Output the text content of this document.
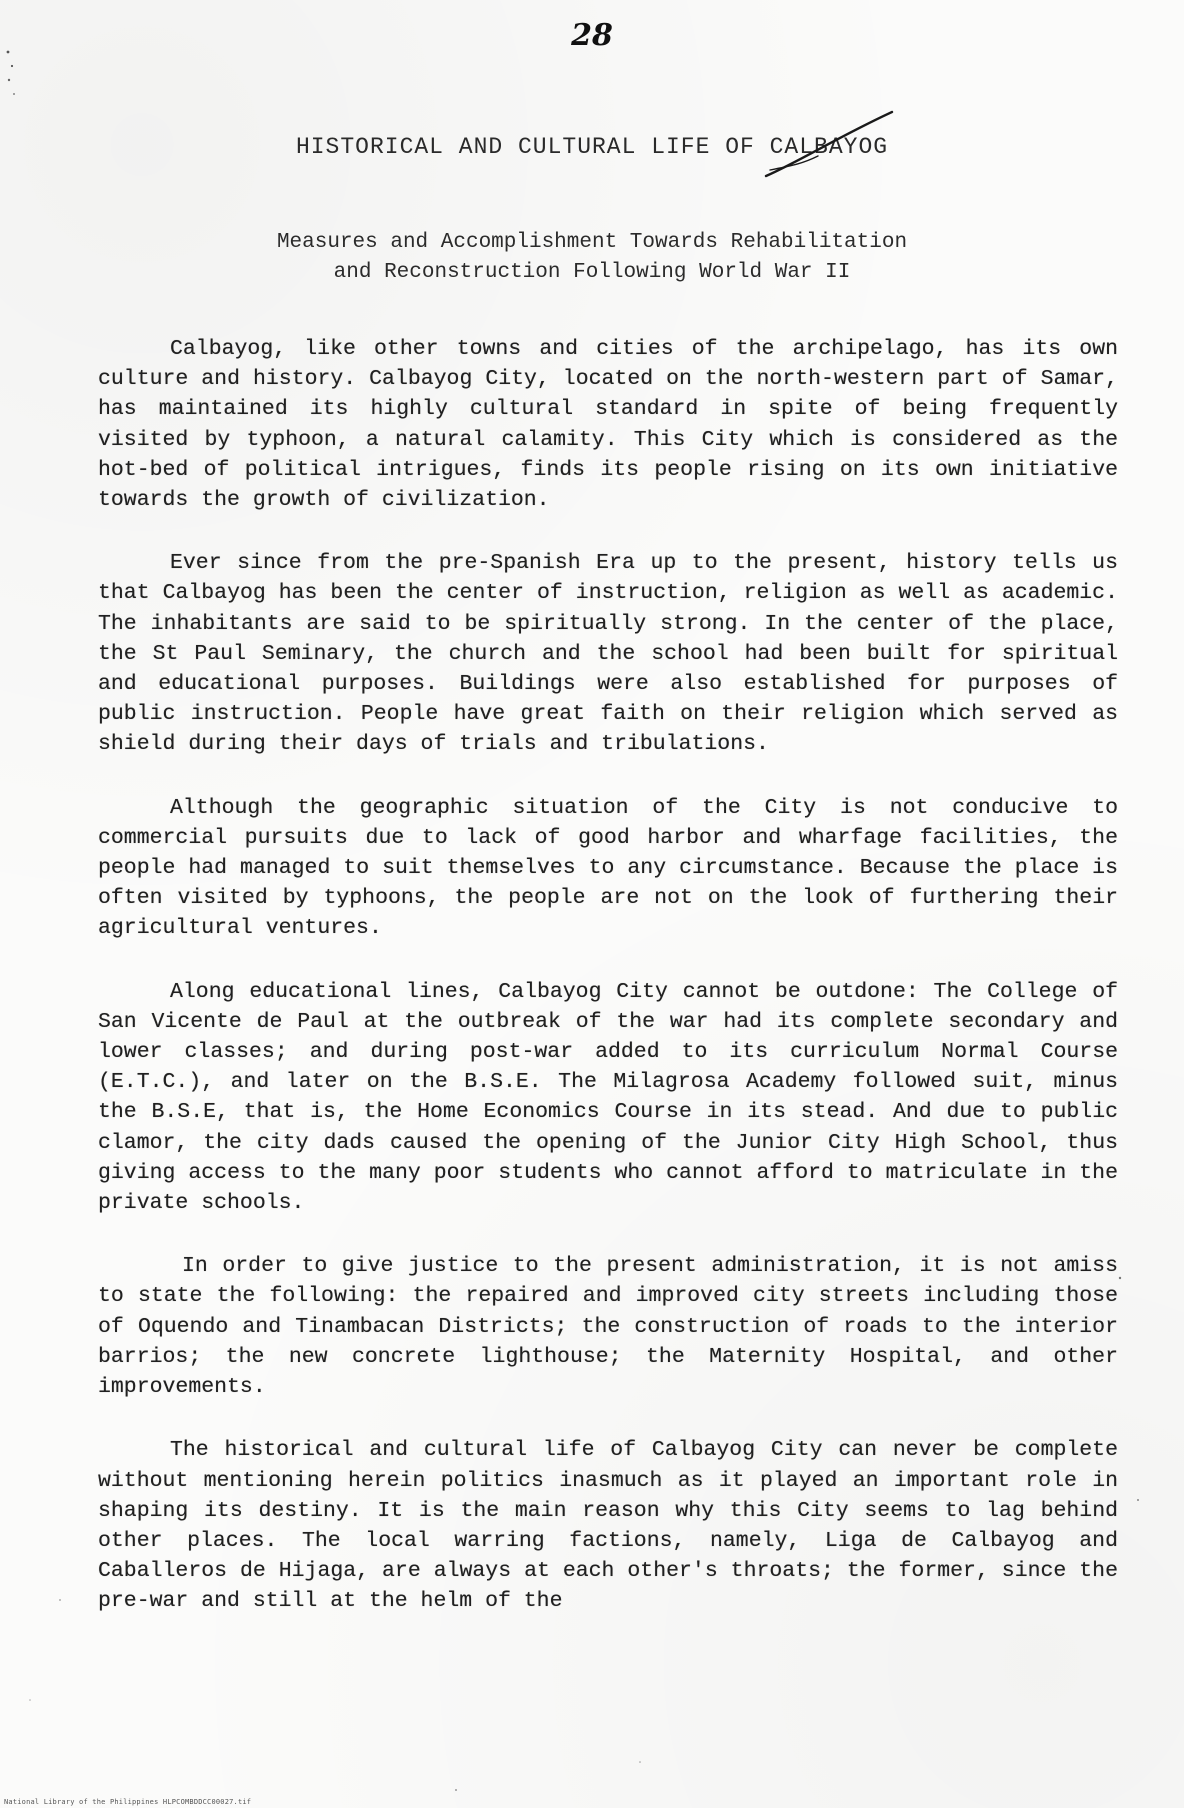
28
HISTORICAL AND CULTURAL LIFE OF CALBAYOG
Measures and Accomplishment Towards Rehabilitation
and Reconstruction Following World War II

Calbayog, like other towns and cities of the archipelago, has its own culture and history. Calbayog City, located on the north-western part of Samar, has maintained its highly cultural standard in spite of being frequently visited by typhoon, a natural calamity. This City which is considered as the hot-bed of political intrigues, finds its people rising on its own initiative towards the growth of civilization.

Ever since from the pre-Spanish Era up to the present, history tells us that Calbayog has been the center of instruction, religion as well as academic. The inhabitants are said to be spiritually strong. In the center of the place, the St Paul Seminary, the church and the school had been built for spiritual and educational purposes. Buildings were also established for purposes of public instruction. People have great faith on their religion which served as shield during their days of trials and tribulations.

Although the geographic situation of the City is not conducive to commercial pursuits due to lack of good harbor and wharfage facilities, the people had managed to suit themselves to any circumstance. Because the place is often visited by typhoons, the people are not on the look of furthering their agricultural ventures.

Along educational lines, Calbayog City cannot be outdone: The College of San Vicente de Paul at the outbreak of the war had its complete secondary and lower classes; and during post-war added to its curriculum Normal Course (E.T.C.), and later on the B.S.E. The Milagrosa Academy followed suit, minus the B.S.E, that is, the Home Economics Course in its stead. And due to public clamor, the city dads caused the opening of the Junior City High School, thus giving access to the many poor students who cannot afford to matriculate in the private schools.

In order to give justice to the present administration, it is not amiss to state the following: the repaired and improved city streets including those of Oquendo and Tinambacan Districts; the construction of roads to the interior barrios; the new concrete lighthouse; the Maternity Hospital, and other improvements.

The historical and cultural life of Calbayog City can never be complete without mentioning herein politics inasmuch as it played an important role in shaping its destiny. It is the main reason why this City seems to lag behind other places. The local warring factions, namely, Liga de Calbayog and Caballeros de Hijaga, are always at each other's throats; the former, since the pre-war and still at the helm of the

National Library of the Philippines HLPCOMBDDCC00027.tif
